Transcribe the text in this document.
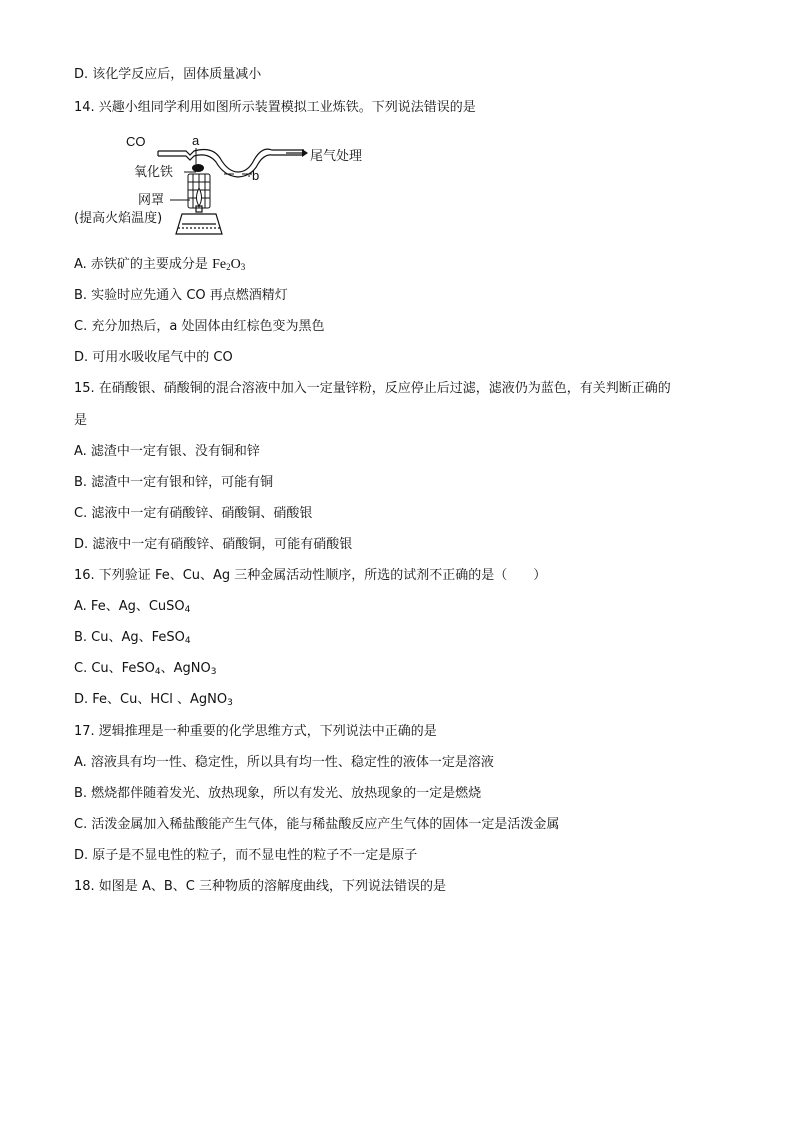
D. 该化学反应后，固体质量减小
14. 兴趣小组同学利用如图所示装置模拟工业炼铁。下列说法错误的是
CO	a
b
氧化铁
尾气处理
网罩
(提高火焰温度)
A. 赤铁矿的主要成分是 $Fe_2O_3$
B. 实验时应先通入 CO 再点燃酒精灯
C. 充分加热后，a 处固体由红棕色变为黑色
D. 可用水吸收尾气中的 CO
15. 在硝酸银、硝酸铜的混合溶液中加入一定量锌粉，反应停止后过滤，滤液仍为蓝色，有关判断正确的
是
A. 滤渣中一定有银、没有铜和锌
B. 滤渣中一定有银和锌，可能有铜
C. 滤液中一定有硝酸锌、硝酸铜、硝酸银
D. 滤液中一定有硝酸锌、硝酸铜，可能有硝酸银
16. 下列验证 Fe、Cu、Ag 三种金属活动性顺序，所选的试剂不正确的是（　　）
A. Fe、Ag、CuSO$_4$
B. Cu、Ag、FeSO$_4$
C. Cu、FeSO$_4$、AgNO$_3$
D. Fe、Cu、HCl 、AgNO$_3$
17. 逻辑推理是一种重要的化学思维方式，下列说法中正确的是
A. 溶液具有均一性、稳定性，所以具有均一性、稳定性的液体一定是溶液
B. 燃烧都伴随着发光、放热现象，所以有发光、放热现象的一定是燃烧
C. 活泼金属加入稀盐酸能产生气体，能与稀盐酸反应产生气体的固体一定是活泼金属
D. 原子是不显电性的粒子，而不显电性的粒子不一定是原子
18. 如图是 A、B、C 三种物质的溶解度曲线，下列说法错误的是
